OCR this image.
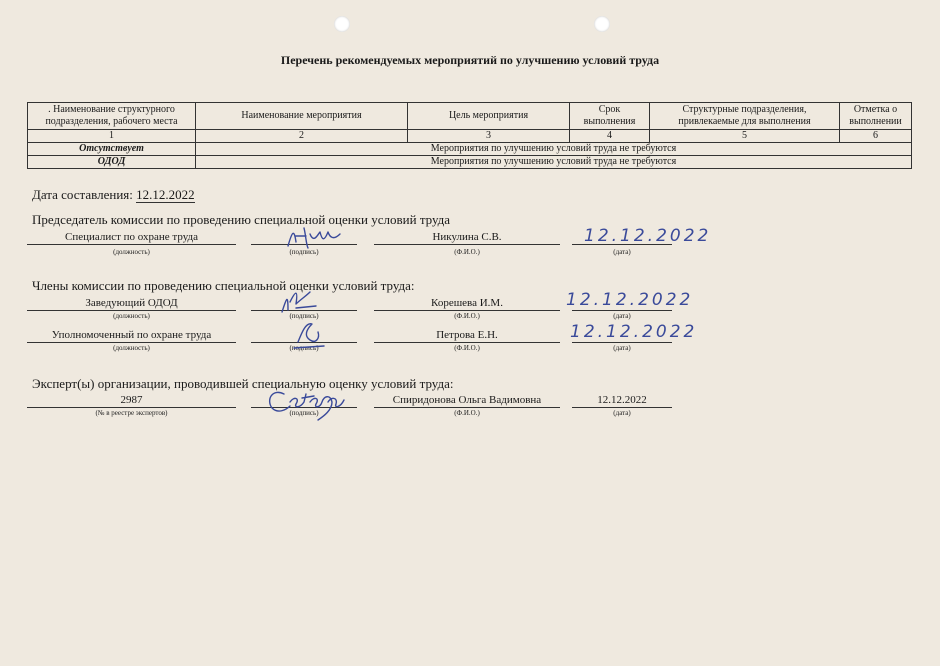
Перечень рекомендуемых мероприятий по улучшению условий труда
. Наименование структурного подразделения, рабочего места	Наименование мероприятия	Цель мероприятия	Срок выполнения	Структурные подразделения, привлекаемые для выполнения	Отметка о выполнении
1	2	3	4	5	6
Отсутствует	Мероприятия по улучшению условий труда не требуются				
ОДОД	Мероприятия по улучшению условий труда не требуются				
Дата составления: 12.12.2022
Председатель комиссии по проведению специальной оценки условий труда
Специалист по охране труда
(должность)	(подпись)
Никулина С.В.
(Ф.И.О.)
12.12.2022
(дата)
Члены комиссии по проведению специальной оценки условий труда:
Заведующий ОДОД
(должность)	(подпись)
Корешева И.М.
(Ф.И.О.)
12.12.2022
(дата)
Уполномоченный по охране труда
(должность)	(подпись)
Петрова Е.Н.
(Ф.И.О.)
12.12.2022
(дата)
Эксперт(ы) организации, проводившей специальную оценку условий труда:
2987
(№ в реестре экспертов)	(подпись)
Спиридонова Ольга Вадимовна
(Ф.И.О.)
12.12.2022
(дата)
